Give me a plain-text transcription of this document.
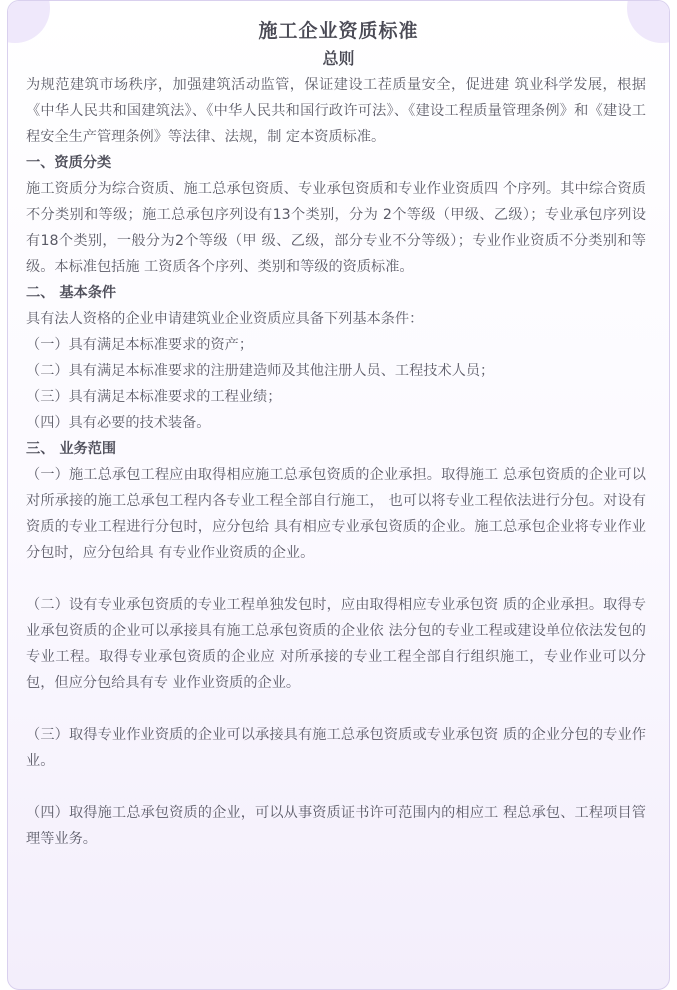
施工企业资质标准
总则

为规范建筑市场秩序，加强建筑活动监管，保证建设工茬质量安全，促进建 筑业科学发展，根据《中华人民共和国建筑法》、《中华人民共和国行政许可法》、《建设工程质量管理条例》和《建设工程安全生产管理条例》等法律、法规，制 定本资质标准。

一、资质分类

施工资质分为综合资质、施工总承包资质、专业承包资质和专业作业资质四 个序列。其中综合资质不分类别和等级；施工总承包序列设有13个类别，分为 2个等级（甲级、乙级）；专业承包序列设有18个类别，一般分为2个等级（甲 级、乙级，部分专业不分等级）；专业作业资质不分类别和等级。本标准包括施 工资质各个序列、类别和等级的资质标准。

二、 基本条件

具有法人资格的企业申请建筑业企业资质应具备下列基本条件：

（一）具有满足本标准要求的资产；

（二）具有满足本标准要求的注册建造师及其他注册人员、工程技术人员；

（三）具有满足本标准要求的工程业绩；

（四）具有必要的技术装备。

三、 业务范围

（一）施工总承包工程应由取得相应施工总承包资质的企业承担。取得施工 总承包资质的企业可以对所承接的施工总承包工程内各专业工程全部自行施工， 也可以将专业工程依法进行分包。对设有资质的专业工程进行分包时，应分包给 具有相应专业承包资质的企业。施工总承包企业将专业作业分包时，应分包给具 有专业作业资质的企业。

（二）设有专业承包资质的专业工程单独发包时，应由取得相应专业承包资 质的企业承担。取得专业承包资质的企业可以承接具有施工总承包资质的企业依 法分包的专业工程或建设单位依法发包的专业工程。取得专业承包资质的企业应 对所承接的专业工程全部自行组织施工，专业作业可以分包，但应分包给具有专 业作业资质的企业。

（三）取得专业作业资质的企业可以承接具有施工总承包资质或专业承包资 质的企业分包的专业作业。

（四）取得施工总承包资质的企业，可以从事资质证书许可范围内的相应工 程总承包、工程项目管理等业务。
